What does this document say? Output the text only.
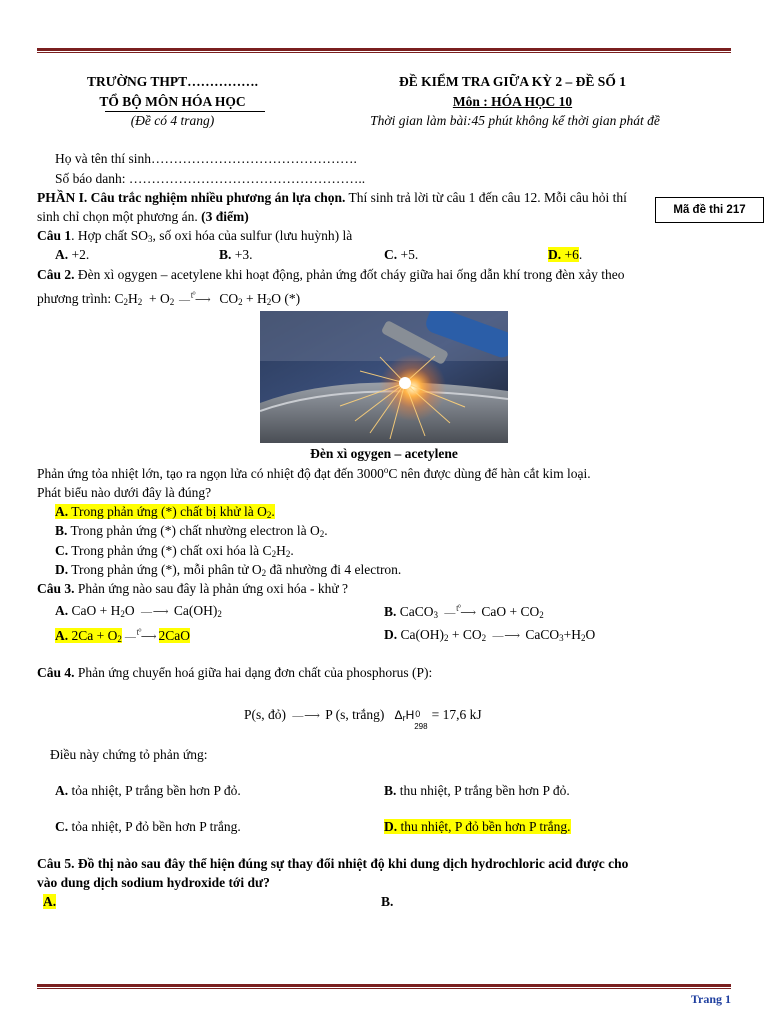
TRƯỜNG THPT…………….
TỔ BỘ MÔN HÓA HỌC
(Đề có 4 trang)
ĐỀ KIỂM TRA GIỮA KỲ 2 – ĐỀ SỐ 1
Môn : HÓA HỌC 10
Thời gian làm bài:45 phút không kể thời gian phát đề
Họ và tên thí sinh……………………………………….
Số báo danh: ……………………………………………..
PHẦN I. Câu trắc nghiệm nhiều phương án lựa chọn. Thí sinh trả lời từ câu 1 đến câu 12. Mỗi câu hỏi thí
sinh chỉ chọn một phương án. (3 điểm)	Mã đề thi 217
Câu 1. Hợp chất $SO_3$, số oxi hóa của sulfur (lưu huỳnh) là
A. +2.	B. +3.	C. +5.	D. +6.
Câu 2. Đèn xì ogygen – acetylene khi hoạt động, phản ứng đốt cháy giữa hai ống dẫn khí trong đèn xảy theo
phương trình: $C_2H_2 + O_2$ — $^{t^\circ}$⟶  $CO_2 + H_2O$ (*)
Đèn xì ogygen – acetylene
Phản ứng tỏa nhiệt lớn, tạo ra ngọn lửa có nhiệt độ đạt đến 3000$^o$C nên được dùng để hàn cắt kim loại.
Phát biểu nào dưới đây là đúng?
A. Trong phản ứng (*) chất bị khử là $O_2$.
B. Trong phản ứng (*) chất nhường electron là $O_2$.
C. Trong phản ứng (*) chất oxi hóa là $C_2H_2$.
D. Trong phản ứng (*), mỗi phân tử $O_2$ đã nhường đi 4 electron.
Câu 3. Phản ứng nào sau đây là phản ứng oxi hóa - khử ?
A. CaO + $H_2O$ — ⟶ $Ca(OH)_2$	B. CaCO$_3$ — $^{t^\circ}$⟶ CaO + $CO_2$
A. $2Ca + O_2$ — $^{t^\circ}$⟶ 2CaO	D. $Ca(OH)_2 + CO_2$ — ⟶ $CaCO_3+H_2O$
Câu 4. Phản ứng chuyển hoá giữa hai dạng đơn chất của phosphorus (P):
P(s, đỏ) — ⟶ P (s, trắng) $\Delta_rH$ 0
298
= 17,6 kJ
Điều này chứng tỏ phản ứng:
A. tỏa nhiệt, P trắng bền hơn P đỏ.	B. thu nhiệt, P trắng bền hơn P đỏ.
C. tỏa nhiệt, P đỏ bền hơn P trắng.	D. thu nhiệt, P đỏ bền hơn P trắng.
Câu 5. Đồ thị nào sau đây thể hiện đúng sự thay đổi nhiệt độ khi dung dịch hydrochloric acid được cho
vào dung dịch sodium hydroxide tới dư?
A.	B.
Trang 1
